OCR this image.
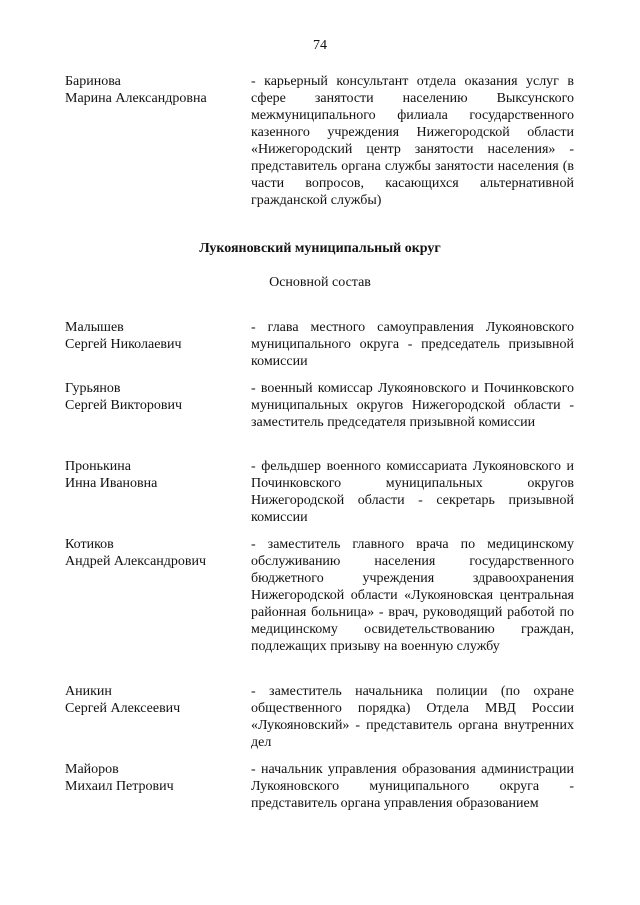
74
Баринова
Марина Александровна
- карьерный консультант отдела оказания услуг в сфере занятости населению Выксунского межмуниципального филиала государственного казенного учреждения Нижегородской области «Нижегородский центр занятости населения» - представитель органа службы занятости населения (в части вопросов, касающихся альтернативной гражданской службы)
Лукояновский муниципальный округ
Основной состав
Малышев
Сергей Николаевич
- глава местного самоуправления Лукояновского муниципального округа - председатель призывной комиссии
Гурьянов
Сергей Викторович
- военный комиссар Лукояновского и Починковского муниципальных округов Нижегородской области - заместитель председателя призывной комиссии
Пронькина
Инна Ивановна
- фельдшер военного комиссариата Лукояновского и Починковского муниципальных округов Нижегородской области - секретарь призывной комиссии
Котиков
Андрей Александрович
- заместитель главного врача по медицинскому обслуживанию населения государственного бюджетного учреждения здравоохранения Нижегородской области «Лукояновская центральная районная больница» - врач, руководящий работой по медицинскому освидетельствованию граждан, подлежащих призыву на военную службу
Аникин
Сергей Алексеевич
- заместитель начальника полиции (по охране общественного порядка) Отдела МВД России «Лукояновский» - представитель органа внутренних дел
Майоров
Михаил Петрович
- начальник управления образования администрации Лукояновского муниципального округа - представитель органа управления образованием
